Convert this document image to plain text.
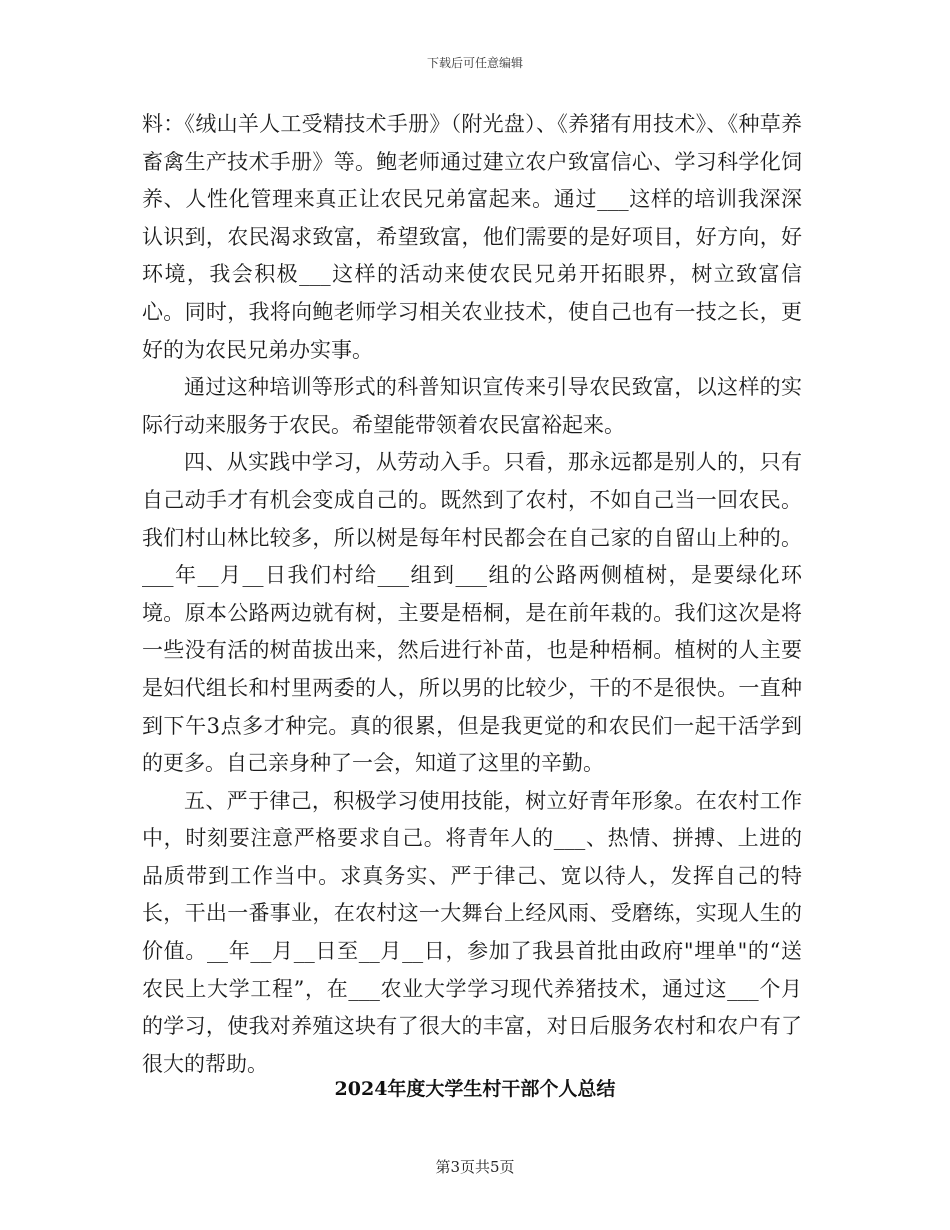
下载后可任意编辑

料：《绒山羊人工受精技术手册》（附光盘）、《养猪有用技术》、《种草养畜禽生产技术手册》等。鲍老师通过建立农户致富信心、学习科学化饲养、人性化管理来真正让农民兄弟富起来。通过___这样的培训我深深认识到，农民渴求致富，希望致富，他们需要的是好项目，好方向，好环境，我会积极___这样的活动来使农民兄弟开拓眼界，树立致富信心。同时，我将向鲍老师学习相关农业技术，使自己也有一技之长，更好的为农民兄弟办实事。

通过这种培训等形式的科普知识宣传来引导农民致富，以这样的实际行动来服务于农民。希望能带领着农民富裕起来。

四、从实践中学习，从劳动入手。只看，那永远都是别人的，只有自己动手才有机会变成自己的。既然到了农村，不如自己当一回农民。我们村山林比较多，所以树是每年村民都会在自己家的自留山上种的。___年__月__日我们村给___组到___组的公路两侧植树，是要绿化环境。原本公路两边就有树，主要是梧桐，是在前年栽的。我们这次是将一些没有活的树苗拔出来，然后进行补苗，也是种梧桐。植树的人主要是妇代组长和村里两委的人，所以男的比较少，干的不是很快。一直种到下午3点多才种完。真的很累，但是我更觉的和农民们一起干活学到的更多。自己亲身种了一会，知道了这里的辛勤。

五、严于律己，积极学习使用技能，树立好青年形象。在农村工作中，时刻要注意严格要求自己。将青年人的___、热情、拼搏、上进的品质带到工作当中。求真务实、严于律己、宽以待人，发挥自己的特长，干出一番事业，在农村这一大舞台上经风雨、受磨练，实现人生的价值。__年__月__日至__月__日，参加了我县首批由政府"埋单"的“送农民上大学工程”，在___农业大学学习现代养猪技术，通过这___个月的学习，使我对养殖这块有了很大的丰富，对日后服务农村和农户有了很大的帮助。

2024年度大学生村干部个人总结
第3页共5页
